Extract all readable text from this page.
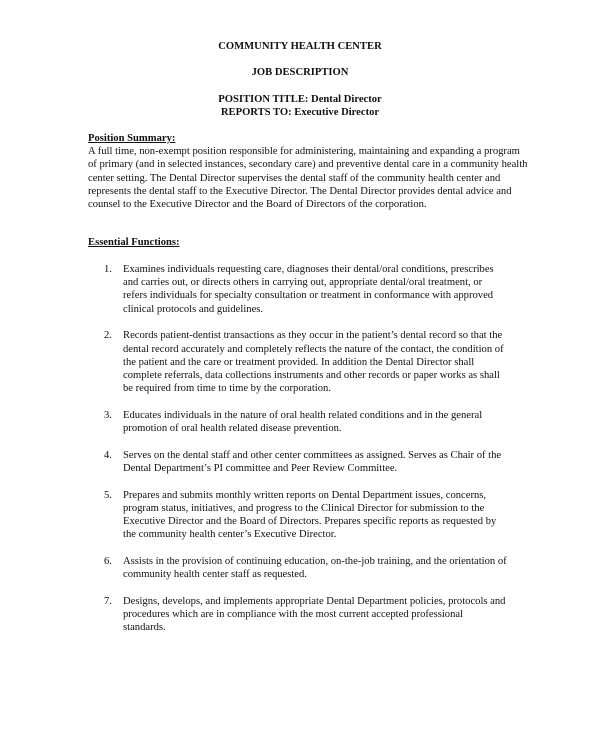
COMMUNITY HEALTH CENTER
JOB DESCRIPTION
POSITION TITLE: Dental Director
REPORTS TO: Executive Director
Position Summary:

A full time, non-exempt position responsible for administering, maintaining and expanding a program of primary (and in selected instances, secondary care) and preventive dental care in a community health center setting. The Dental Director supervises the dental staff of the community health center and represents the dental staff to the Executive Director. The Dental Director provides dental advice and counsel to the Executive Director and the Board of Directors of the corporation.

Essential Functions:
1. Examines individuals requesting care, diagnoses their dental/oral conditions, prescribes and carries out, or directs others in carrying out, appropriate dental/oral treatment, or refers individuals for specialty consultation or treatment in conformance with approved clinical protocols and guidelines.
2. Records patient-dentist transactions as they occur in the patient’s dental record so that the dental record accurately and completely reflects the nature of the contact, the condition of the patient and the care or treatment provided. In addition the Dental Director shall complete referrals, data collections instruments and other records or paper works as shall be required from time to time by the corporation.
3. Educates individuals in the nature of oral health related conditions and in the general promotion of oral health related disease prevention.
4. Serves on the dental staff and other center committees as assigned. Serves as Chair of the Dental Department’s PI committee and Peer Review Committee.
5. Prepares and submits monthly written reports on Dental Department issues, concerns, program status, initiatives, and progress to the Clinical Director for submission to the Executive Director and the Board of Directors. Prepares specific reports as requested by the community health center’s Executive Director.
6. Assists in the provision of continuing education, on-the-job training, and the orientation of community health center staff as requested.
7. Designs, develops, and implements appropriate Dental Department policies, protocols and procedures which are in compliance with the most current accepted professional standards.
